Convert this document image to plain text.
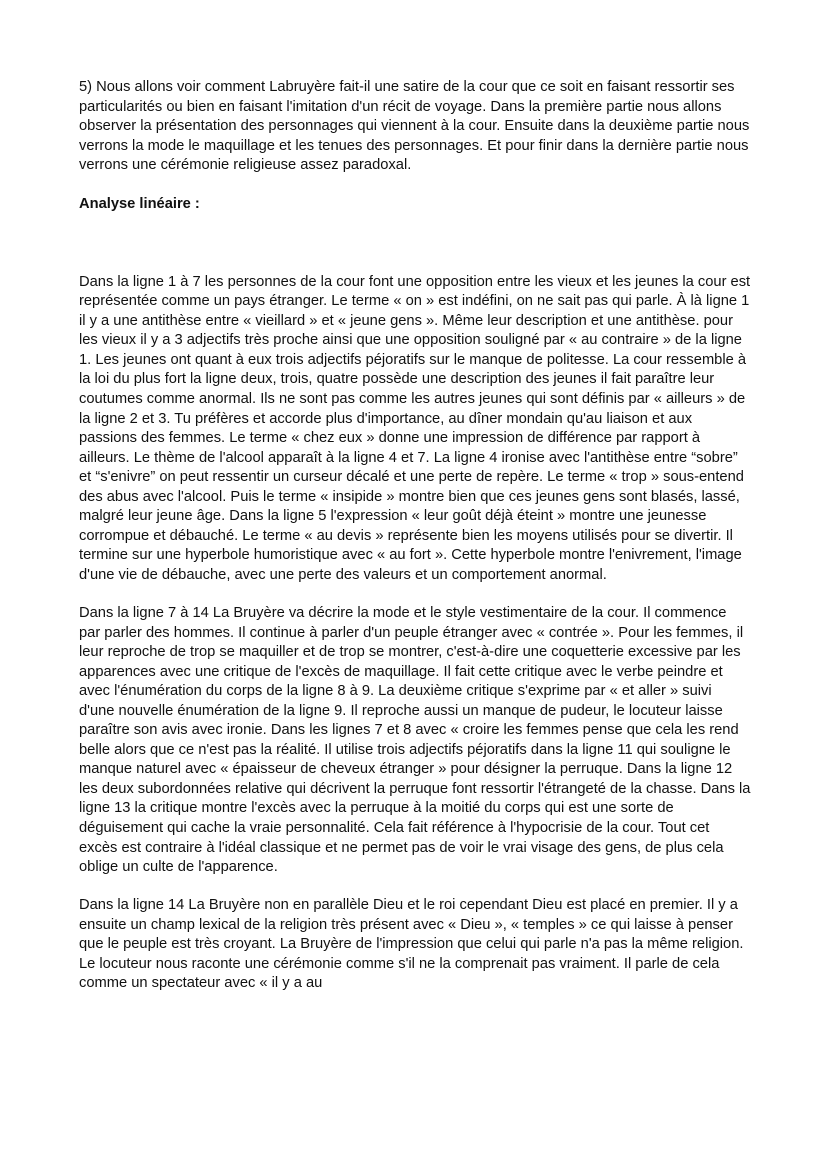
5) Nous allons voir comment Labruyère fait-il une satire de la cour que ce soit en faisant ressortir ses particularités ou bien en faisant l'imitation d'un récit de voyage. Dans la première partie nous allons observer la présentation des personnages qui viennent à la cour. Ensuite dans la deuxième partie nous verrons la mode le maquillage et les tenues des personnages. Et pour finir dans la dernière partie nous verrons une cérémonie religieuse assez paradoxal.

Analyse linéaire :

Dans la ligne 1 à 7 les personnes de la cour font une opposition entre les vieux et les jeunes la cour est représentée comme un pays étranger. Le terme « on » est indéfini, on ne sait pas qui parle. À là ligne 1 il y a une antithèse entre « vieillard » et « jeune gens ». Même leur description et une antithèse. pour les vieux il y a 3 adjectifs très proche ainsi que une opposition souligné par « au contraire » de la ligne 1. Les jeunes ont quant à eux trois adjectifs péjoratifs sur le manque de politesse. La cour ressemble à la loi du plus fort la ligne deux, trois, quatre possède une description des jeunes il fait paraître leur coutumes comme anormal. Ils ne sont pas comme les autres jeunes qui sont définis par « ailleurs » de la ligne 2 et 3. Tu préfères et accorde plus d'importance, au dîner mondain qu'au liaison et aux passions des femmes. Le terme « chez eux » donne une impression de différence par rapport à ailleurs. Le thème de l'alcool apparaît à la ligne 4 et 7. La ligne 4 ironise avec l'antithèse entre “sobre” et “s'enivre” on peut ressentir un curseur décalé et une perte de repère. Le terme « trop » sous-entend des abus avec l'alcool. Puis le terme « insipide » montre bien que ces jeunes gens sont blasés, lassé, malgré leur jeune âge. Dans la ligne 5 l'expression « leur goût déjà éteint » montre une jeunesse corrompue et débauché. Le terme « au devis » représente bien les moyens utilisés pour se divertir. Il termine sur une hyperbole humoristique avec « au fort ». Cette hyperbole montre l'enivrement, l'image d'une vie de débauche, avec une perte des valeurs et un comportement anormal.

Dans la ligne 7 à 14 La Bruyère va décrire la mode et le style vestimentaire de la cour. Il commence par parler des hommes. Il continue à parler d'un peuple étranger avec « contrée ». Pour les femmes, il leur reproche de trop se maquiller et de trop se montrer, c'est-à-dire une coquetterie excessive par les apparences avec une critique de l'excès de maquillage. Il fait cette critique avec le verbe peindre et avec l'énumération du corps de la ligne 8 à 9. La deuxième critique s'exprime par « et aller » suivi d'une nouvelle énumération de la ligne 9. Il reproche aussi un manque de pudeur, le locuteur laisse paraître son avis avec ironie. Dans les lignes 7 et 8 avec « croire les femmes pense que cela les rend belle alors que ce n'est pas la réalité. Il utilise trois adjectifs péjoratifs dans la ligne 11 qui souligne le manque naturel avec « épaisseur de cheveux étranger » pour désigner la perruque. Dans la ligne 12 les deux subordonnées relative qui décrivent la perruque font ressortir l'étrangeté de la chasse. Dans la ligne 13 la critique montre l'excès avec la perruque à la moitié du corps qui est une sorte de déguisement qui cache la vraie personnalité. Cela fait référence à l'hypocrisie de la cour. Tout cet excès est contraire à l'idéal classique et ne permet pas de voir le vrai visage des gens, de plus cela oblige un culte de l'apparence.

Dans la ligne 14 La Bruyère non en parallèle Dieu et le roi cependant Dieu est placé en premier. Il y a ensuite un champ lexical de la religion très présent avec « Dieu », « temples » ce qui laisse à penser que le peuple est très croyant. La Bruyère de l'impression que celui qui parle n'a pas la même religion. Le locuteur nous raconte une cérémonie comme s'il ne la comprenait pas vraiment. Il parle de cela comme un spectateur avec « il y a au
